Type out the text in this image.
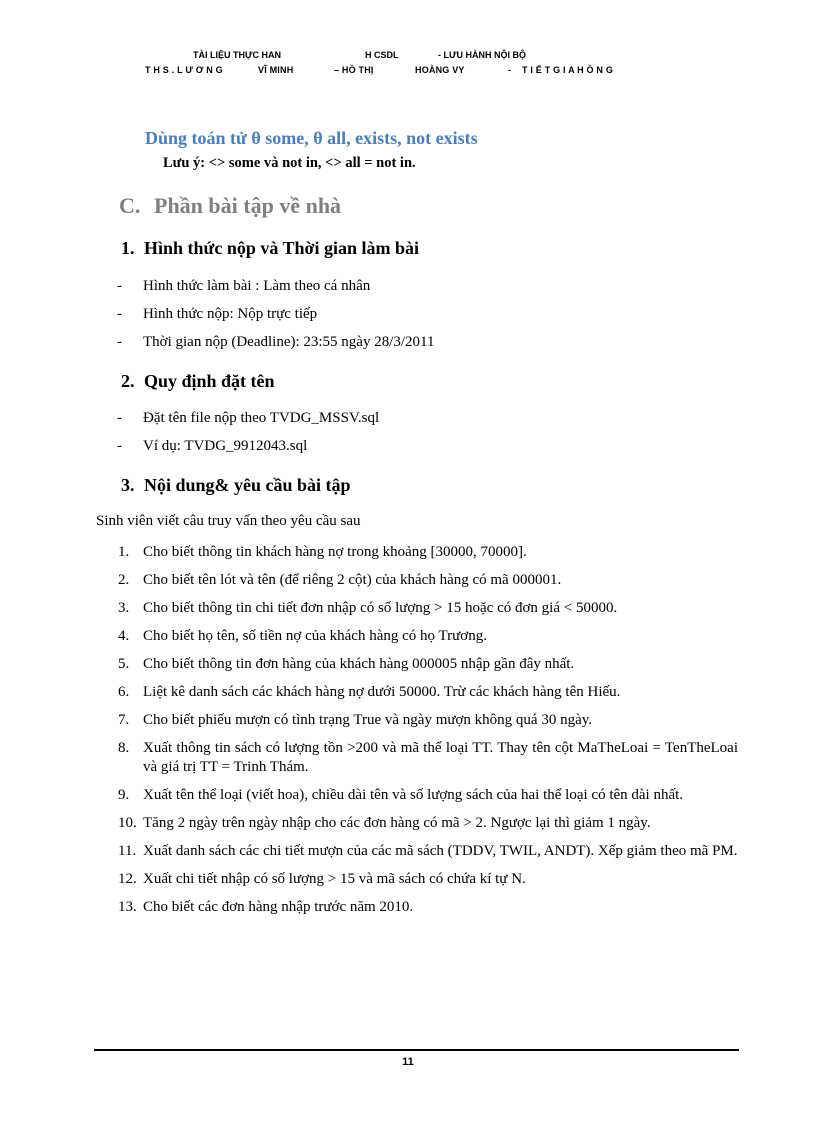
TÀI LIỆU THỰC HAN	H CSDL	- LƯU HÀNH NỘI BỘ
T H S . L Ư Ơ N G	VĨ MINH	– HỒ THỊ	HOÀNG VY	- T I Ế T G I A H Ồ N G
Dùng toán tử θ some, θ all, exists, not exists
Lưu ý: <> some và not in, <> all = not in.
C. Phần bài tập về nhà
1. Hình thức nộp và Thời gian làm bài
- Hình thức làm bài : Làm theo cá nhân
- Hình thức nộp: Nộp trực tiếp
- Thời gian nộp (Deadline): 23:55 ngày 28/3/2011
2. Quy định đặt tên
- Đặt tên file nộp theo TVDG_MSSV.sql
- Ví dụ: TVDG_9912043.sql
3. Nội dung& yêu cầu bài tập
Sinh viên viết câu truy vấn theo yêu cầu sau
1. Cho biết thông tin khách hàng nợ trong khoảng [30000, 70000].
2. Cho biết tên lót và tên (để riêng 2 cột) của khách hàng có mã 000001.
3. Cho biết thông tin chi tiết đơn nhập có số lượng > 15 hoặc có đơn giá < 50000.
4. Cho biết họ tên, số tiền nợ của khách hàng có họ Trương.
5. Cho biết thông tin đơn hàng của khách hàng 000005 nhập gần đây nhất.
6. Liệt kê danh sách các khách hàng nợ dưới 50000. Trừ các khách hàng tên Hiếu.
7. Cho biết phiếu mượn có tình trạng True và ngày mượn không quá 30 ngày.
8. Xuất thông tin sách có lượng tồn >200 và mã thể loại TT. Thay tên cột MaTheLoai = TenTheLoai và giá trị TT = Trinh Thám.
9. Xuất tên thể loại (viết hoa), chiều dài tên và số lượng sách của hai thể loại có tên dài nhất.
10. Tăng 2 ngày trên ngày nhập cho các đơn hàng có mã > 2. Ngược lại thì giảm 1 ngày.
11. Xuất danh sách các chi tiết mượn của các mã sách (TDDV, TWIL, ANDT). Xếp giảm theo mã PM.
12. Xuất chi tiết nhập có số lượng > 15 và mã sách có chứa kí tự N.
13. Cho biết các đơn hàng nhập trước năm 2010.
11
